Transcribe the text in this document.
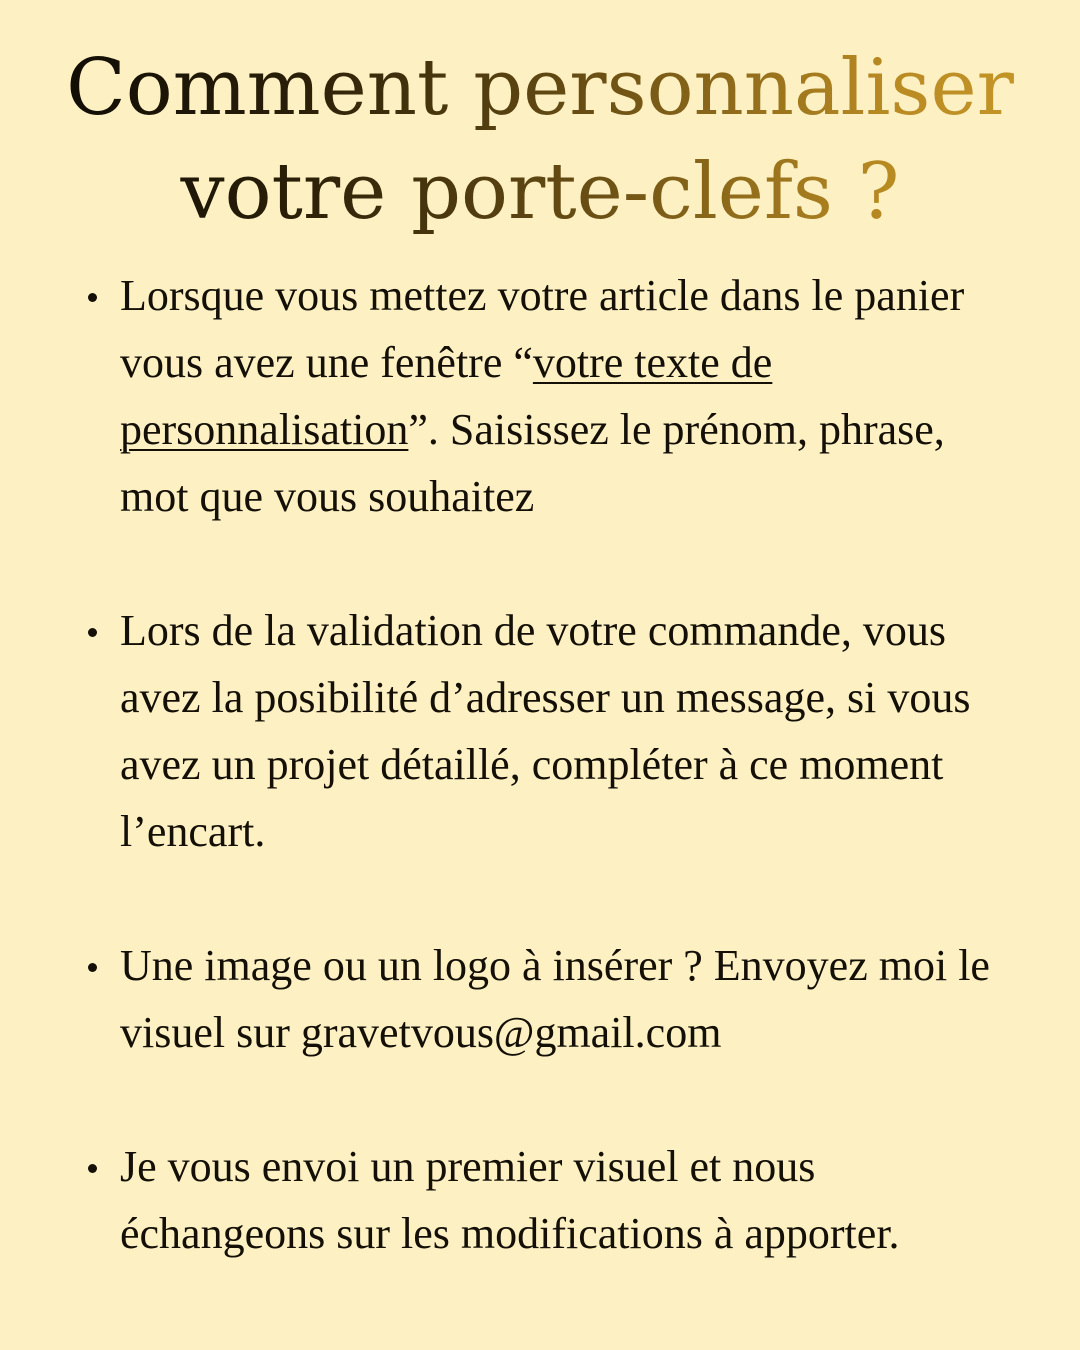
Comment personnaliser
votre porte-clefs ?
Lorsque vous mettez votre article dans le panier vous avez une fenêtre “votre texte de personnalisation”. Saisissez le prénom, phrase, mot que vous souhaitez
Lors de la validation de votre commande, vous avez la posibilité d’adresser un message, si vous avez un projet détaillé, compléter à ce moment l’encart.
Une image ou un logo à insérer ? Envoyez moi le visuel sur gravetvous@gmail.com
Je vous envoi un premier visuel et nous échangeons sur les modifications à apporter.
